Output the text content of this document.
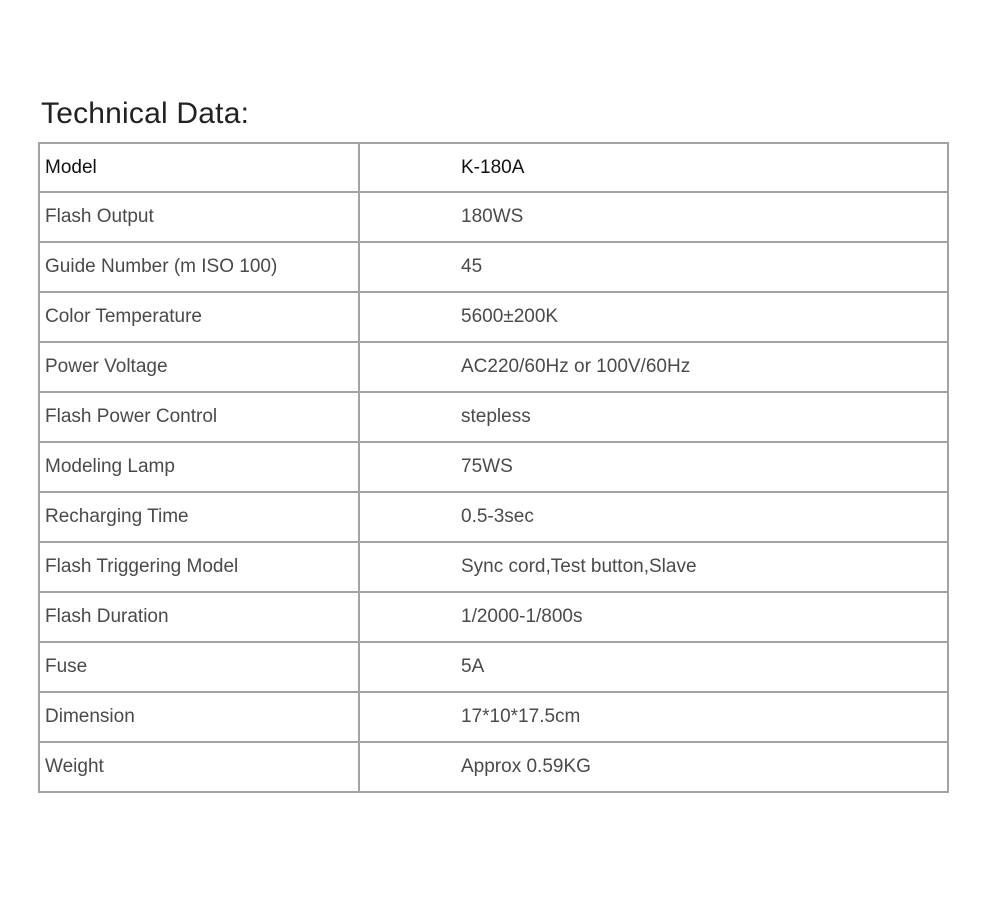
Technical Data:
Model	K-180A
Flash Output	180WS
Guide Number (m ISO 100)	45
Color Temperature	5600±200K
Power Voltage	AC220/60Hz or 100V/60Hz
Flash Power Control	stepless
Modeling Lamp	75WS
Recharging Time	0.5-3sec
Flash Triggering Model	Sync cord,Test button,Slave
Flash Duration	1/2000-1/800s
Fuse	5A
Dimension	17*10*17.5cm
Weight	Approx 0.59KG
